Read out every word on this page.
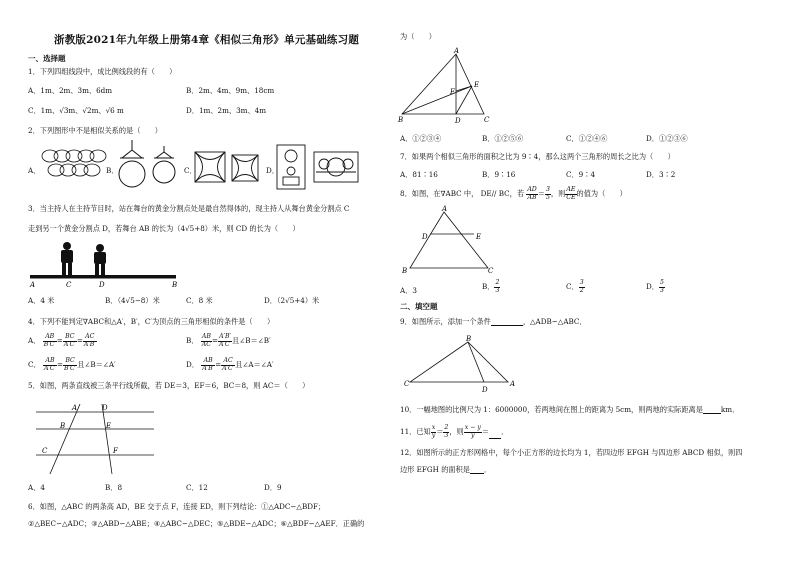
浙教版2021年九年级上册第4章《相似三角形》单元基础练习题
一、选择题
1．下列四组线段中，成比例线段的有（　　）
A．1m、2m、3m、6dm	B．2m、4m、9m、18cm
C．1m、√3m、√2m、√6 m	D．1m、2m、3m、4m
2．下列图形中不是相似关系的是（　　）
A．	B．	C．	D．
3．当主持人在主持节目时，站在舞台的黄金分割点处是最自然得体的，现主持人从舞台黄金分割点 C
走到另一个黄金分割点 D，若舞台 AB 的长为（4√5+8）米，则 CD 的长为（　　）
A	C	D	B
A．4 米	B．（4√5−8）米	C．8 米	D．（2√5+4）米
4．下列不能判定∇ABC和△A′，B′，C′为顶点的三角形相似的条件是（　　）
A． $\frac{AB}{B'C'} = \frac{BC}{A'C'} = \frac{AC}{A'B'}$	B． $\frac{AB}{AC} = \frac{A'B'}{A'C'}$ 且∠B＝∠B′
C． $\frac{AB}{A'C'} = \frac{BC}{B'C'}$ 且∠B＝∠A′	D． $\frac{AB}{A'B'} = \frac{AC}{A'C'}$ 且∠A＝∠A′
5．如图，两条直线被三条平行线所截，若 DE＝3，EF＝6，BC＝8，则 AC＝（　　）
A	D
B	E
C	F
A．4	B．8	C．12	D．9
6．如图，△ABC 的两条高 AD，BE 交于点 F，连接 ED，则下列结论：①△ADC∽△BDF；
②△BEC∽△ADC；③△ABD∽△ABE；④△ABC∽△DEC；⑤△BDE∽△ADC；⑥△BDF∽△AEF．正确的
为（　　）
A
E
F
B	D	C
A．①②③④	B．①②⑤⑥	C．①②④⑥	D．①②③⑥
7．如果两个相似三角形的面积之比为 9∶4，那么这两个三角形的周长之比为（　　）
A．81∶16	B．9∶16	C．9∶4	D．3∶2
8．如图，在∇ABC 中， DE// BC，若 $\frac{AD}{AB} = \frac{3}{5}$ ，则 $\frac{AE}{CE}$ 的值为（　　）
A
D	E
B	C
A．3	B． $\frac{2}{3}$	C． $\frac{3}{2}$	D． $\frac{5}{3}$
二、填空题
9．如图所示，添加一个条件	，△ADB∽△ABC．
B
C
D
A
10．一幅地图的比例尺为 1：6000000，若两地间在图上的距离为 5cm，则两地的实际距离是	km．
11．已知 $\frac{x}{y} = \frac{2}{3}$ ，则 $\frac{x - y}{y}$ ＝ ．
12．如图所示的正方形网格中，每个小正方形的边长均为 1，若四边形 EFGH 与四边形 ABCD 相似，则四
边形 EFGH 的面积是 ．
